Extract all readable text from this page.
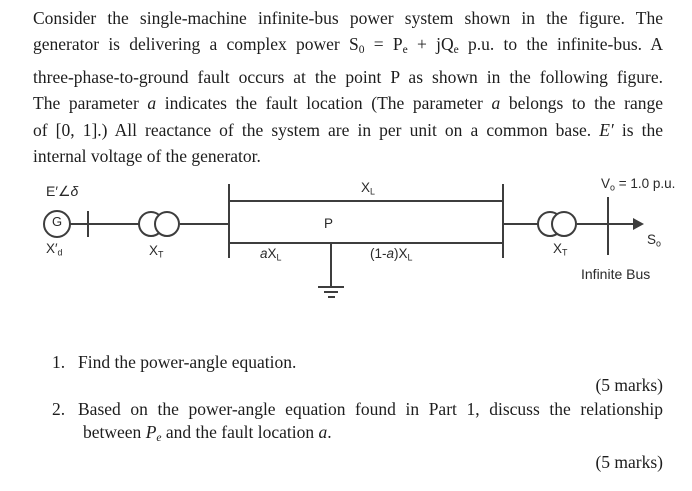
Consider the single-machine infinite-bus power system shown in the figure. The
generator is delivering a complex power S0 = Pe + jQe p.u. to the infinite-bus. A
three-phase-to-ground fault occurs at the point P as shown in the following figure.
The parameter a indicates the fault location (The parameter a belongs to the range
of [0, 1].) All reactance of the system are in per unit on a common base. E′ is the
internal voltage of the generator.
E′∠δ
G
X′d	XT
XL
P
aXL	(1-a)XL
XT
Vo = 1.0 p.u.
So
Infinite Bus
1. Find the power-angle equation.
(5 marks)
2. Based on the power-angle equation found in Part 1, discuss the relationship
between Pe and the fault location a.
(5 marks)
